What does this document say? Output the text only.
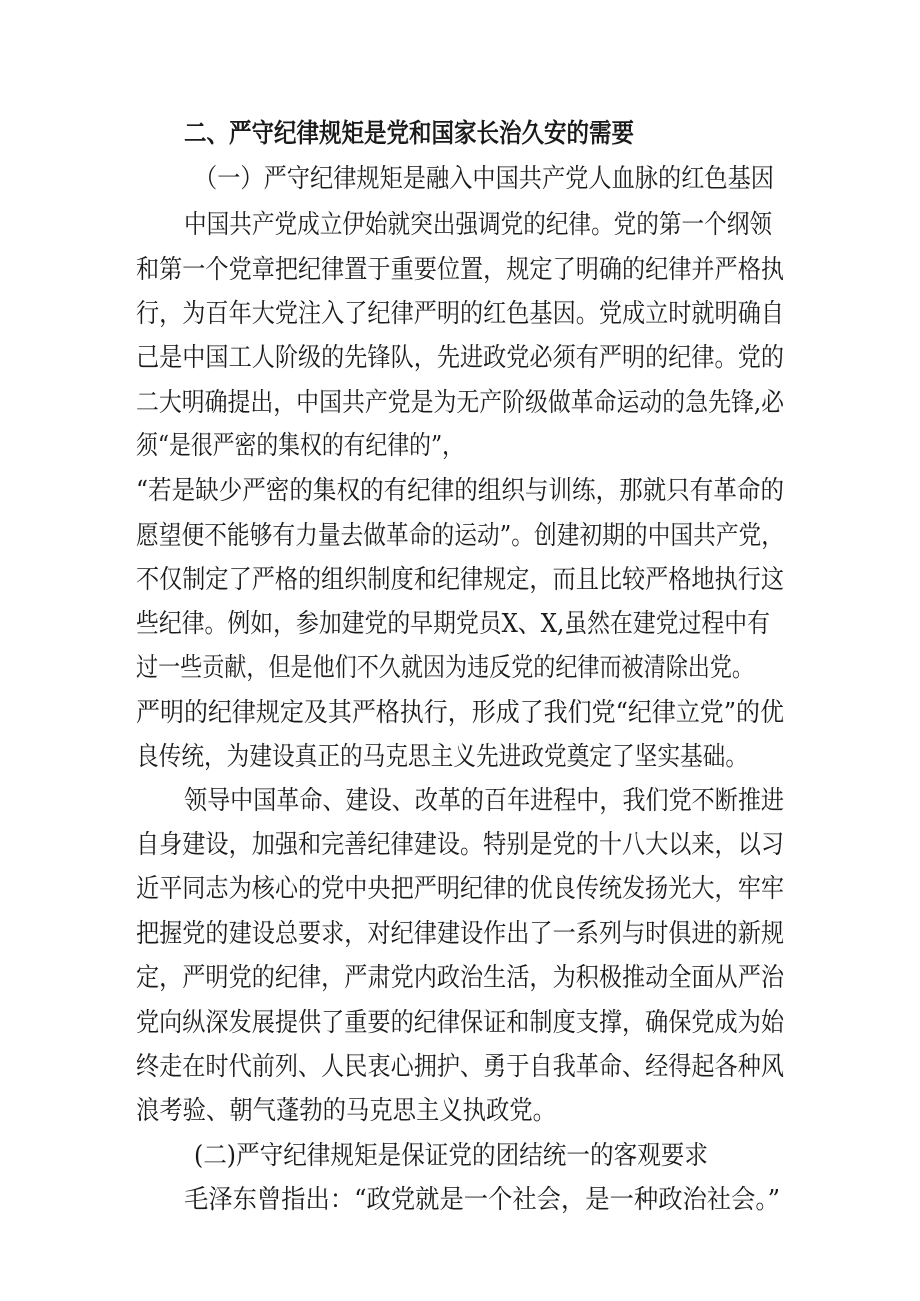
二、严守纪律规矩是党和国家长治久安的需要
（一）严守纪律规矩是融入中国共产党人血脉的红色基因
中国共产党成立伊始就突出强调党的纪律。党的第一个纲领
和第一个党章把纪律置于重要位置，规定了明确的纪律并严格执
行，为百年大党注入了纪律严明的红色基因。党成立时就明确自
己是中国工人阶级的先锋队，先进政党必须有严明的纪律。党的
二大明确提出，中国共产党是为无产阶级做革命运动的急先锋,必
须“是很严密的集权的有纪律的”，
“若是缺少严密的集权的有纪律的组织与训练，那就只有革命的
愿望便不能够有力量去做革命的运动”。创建初期的中国共产党，
不仅制定了严格的组织制度和纪律规定，而且比较严格地执行这
些纪律。例如，参加建党的早期党员X、X,虽然在建党过程中有
过一些贡献，但是他们不久就因为违反党的纪律而被清除出党。
严明的纪律规定及其严格执行，形成了我们党“纪律立党”的优
良传统，为建设真正的马克思主义先进政党奠定了坚实基础。
领导中国革命、建设、改革的百年进程中，我们党不断推进
自身建设，加强和完善纪律建设。特别是党的十八大以来，以习
近平同志为核心的党中央把严明纪律的优良传统发扬光大，牢牢
把握党的建设总要求，对纪律建设作出了一系列与时俱进的新规
定，严明党的纪律，严肃党内政治生活，为积极推动全面从严治
党向纵深发展提供了重要的纪律保证和制度支撑，确保党成为始
终走在时代前列、人民衷心拥护、勇于自我革命、经得起各种风
浪考验、朝气蓬勃的马克思主义执政党。
(二)严守纪律规矩是保证党的团结统一的客观要求
毛泽东曾指出：“政党就是一个社会，是一种政治社会。”
